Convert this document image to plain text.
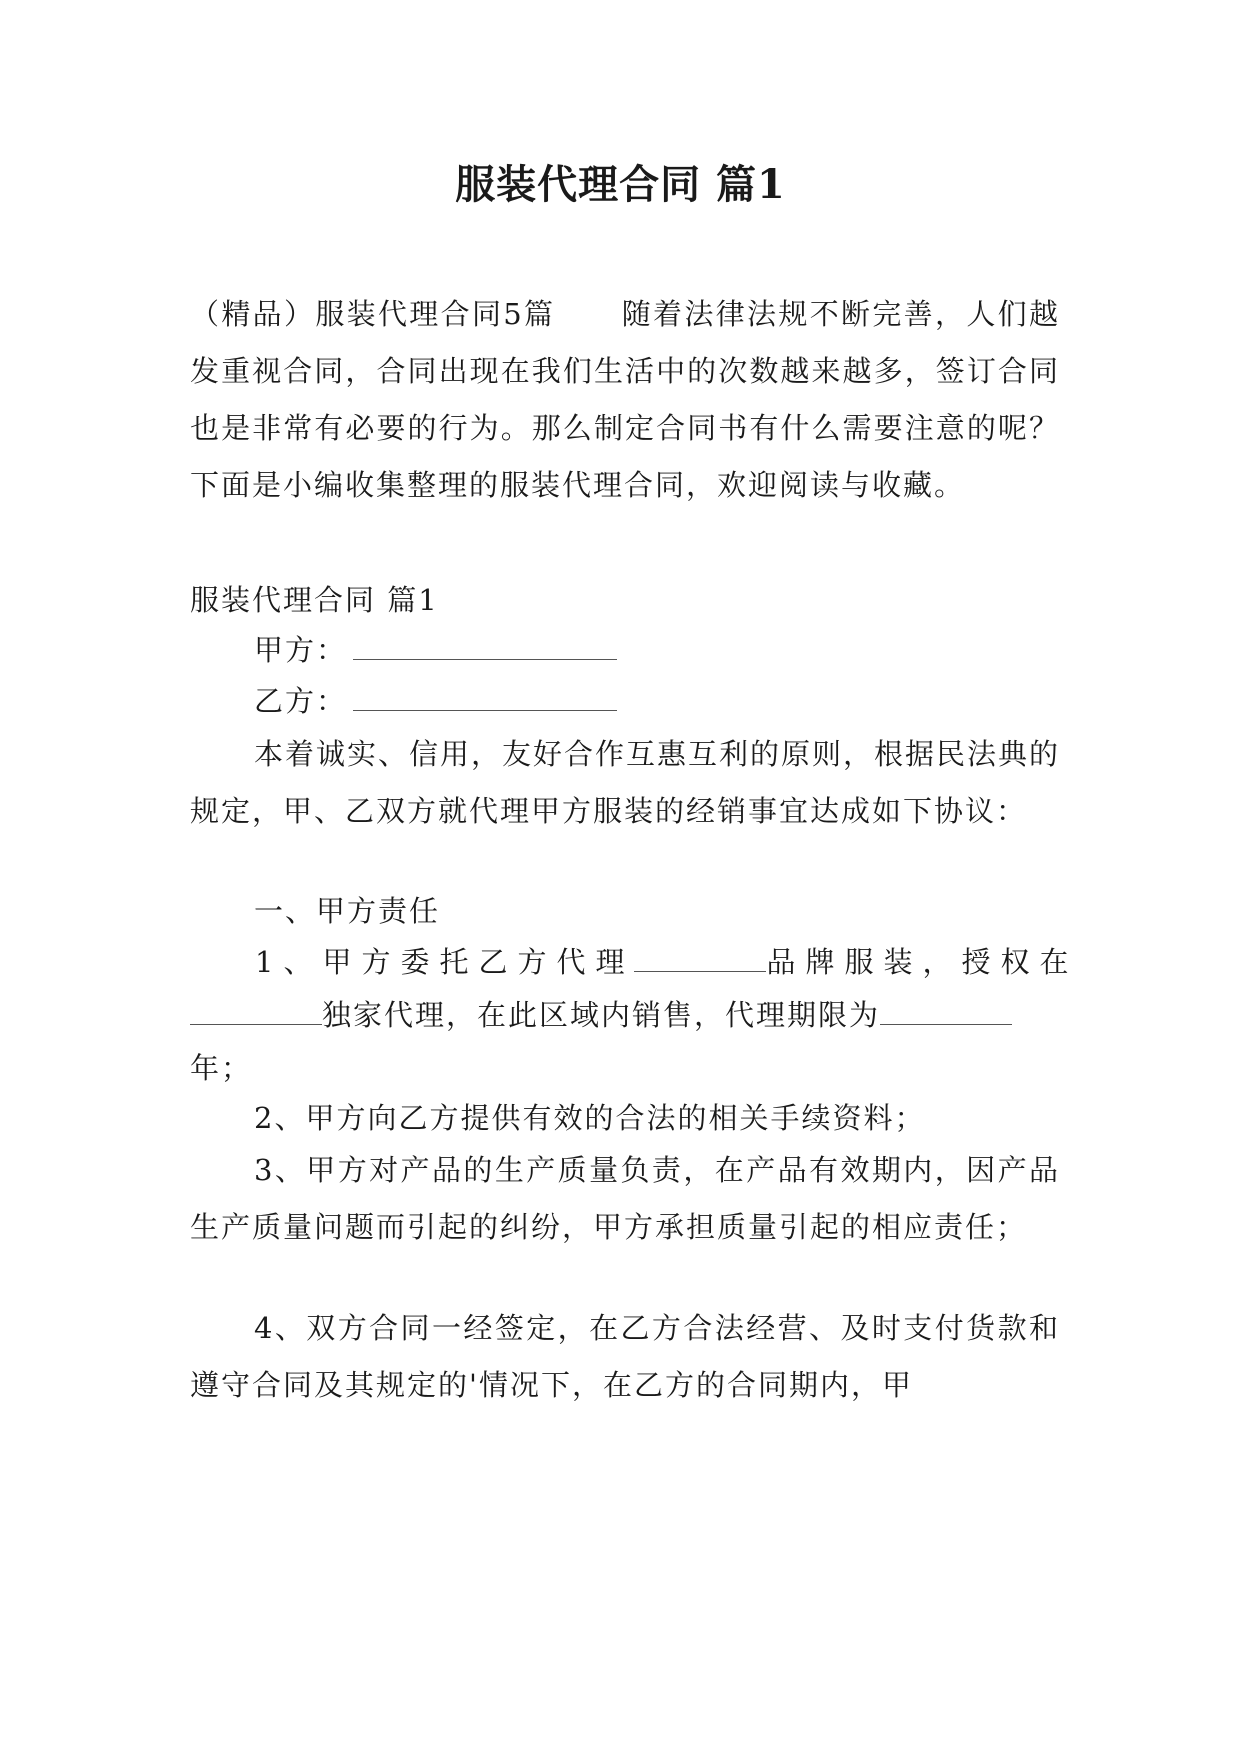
服装代理合同 篇1

（精品）服装代理合同5篇 随着法律法规不断完善，人们越发重视合同，合同出现在我们生活中的次数越来越多，签订合同也是非常有必要的行为。那么制定合同书有什么需要注意的呢？下面是小编收集整理的服装代理合同，欢迎阅读与收藏。

服装代理合同 篇1

甲方：

乙方：

本着诚实、信用，友好合作互惠互利的原则，根据民法典的规定，甲、乙双方就代理甲方服装的经销事宜达成如下协议：

一、甲方责任

1、甲方委托乙方代理	品牌服装，授权在

独家代理，在此区域内销售，代理期限为

年；

2、甲方向乙方提供有效的合法的相关手续资料；

3、甲方对产品的生产质量负责，在产品有效期内，因产品生产质量问题而引起的纠纷，甲方承担质量引起的相应责任；

4、双方合同一经签定，在乙方合法经营、及时支付货款和遵守合同及其规定的'情况下，在乙方的合同期内，甲
